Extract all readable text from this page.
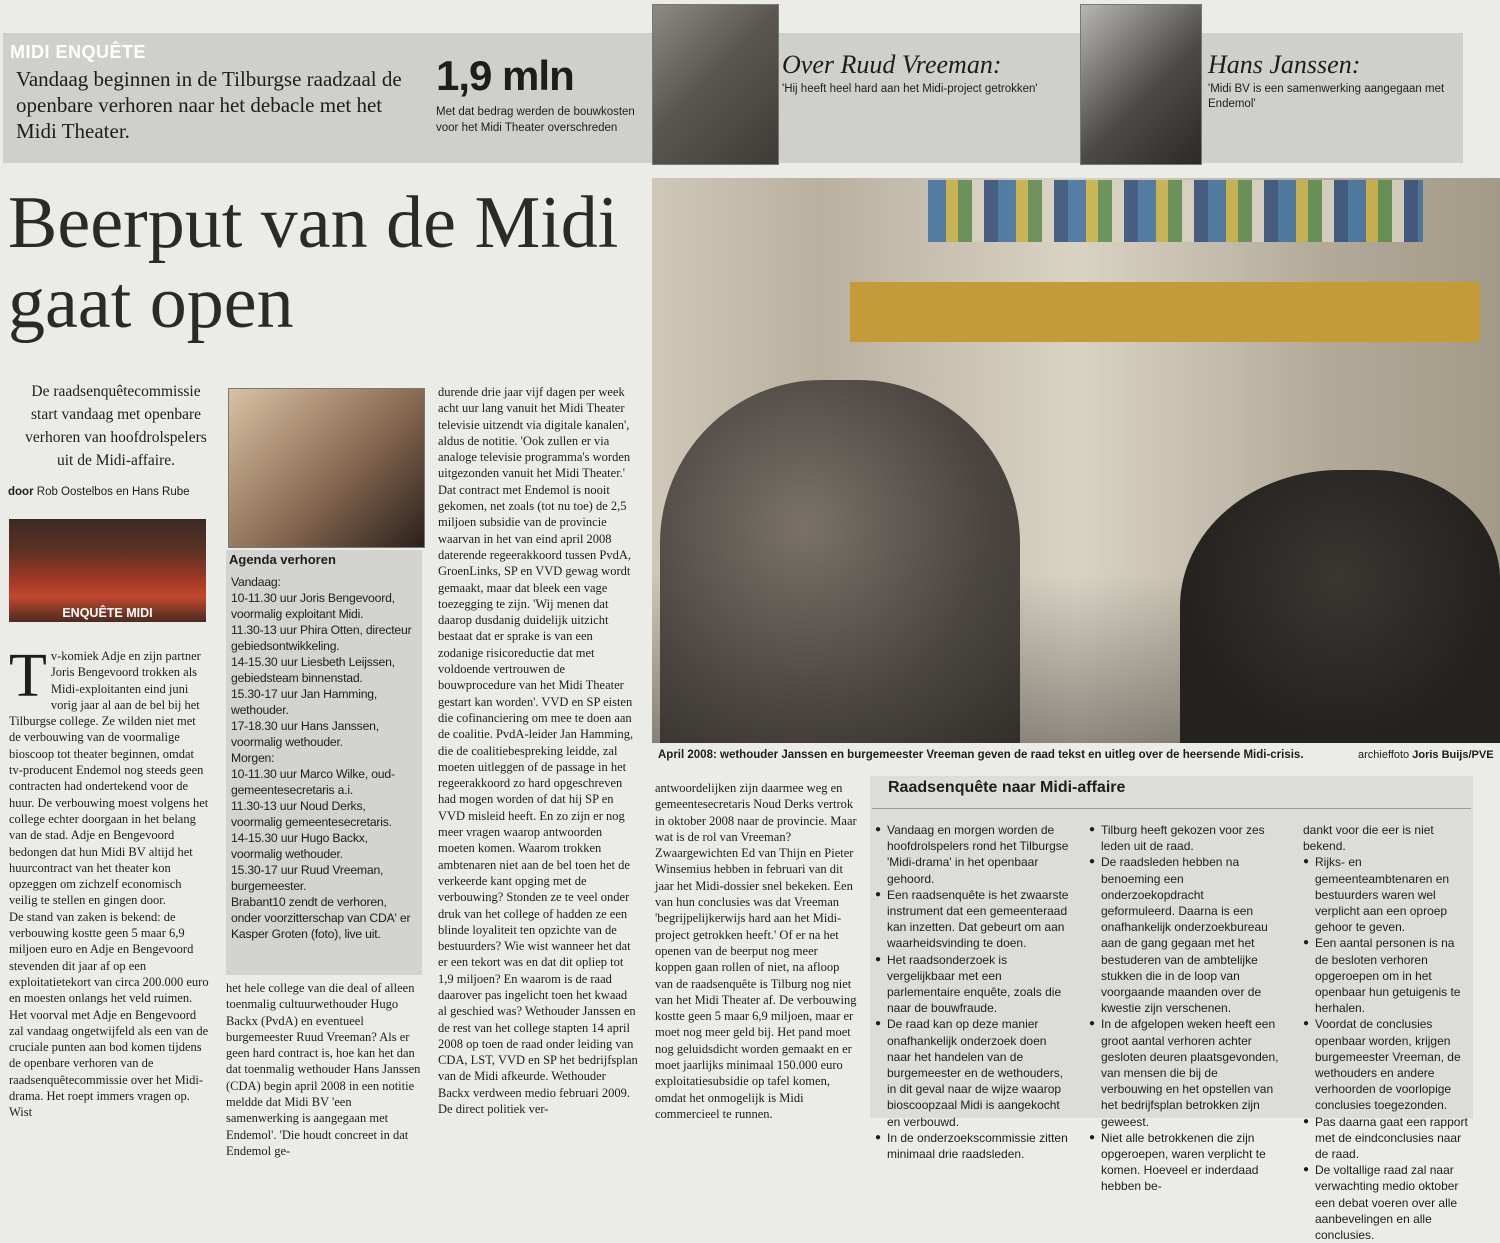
MIDI ENQUÊTE
Vandaag beginnen in de Tilburgse raadzaal de openbare verhoren naar het debacle met het Midi Theater.
1,9 mln
Met dat bedrag werden de bouwkosten voor het Midi Theater overschreden
Over Ruud Vreeman:
'Hij heeft heel hard aan het Midi-project getrokken'
Hans Janssen:
'Midi BV is een samenwerking aangegaan met Endemol'
Beerput van de Midi gaat open
De raadsenquêtecommissie start vandaag met openbare verhoren van hoofdrolspelers uit de Midi-affaire.
door Rob Oostelbos en Hans Rube
ENQUÊTE MIDI
Agenda verhoren
Vandaag:
10-11.30 uur Joris Bengevoord, voormalig exploitant Midi.
11.30-13 uur Phira Otten, directeur gebiedsontwikkeling.
14-15.30 uur Liesbeth Leijssen, gebiedsteam binnenstad.
15.30-17 uur Jan Hamming, wethouder.
17-18.30 uur Hans Janssen, voormalig wethouder.
Morgen:
10-11.30 uur Marco Wilke, oud-gemeentesecretaris a.i.
11.30-13 uur Noud Derks, voormalig gemeentesecretaris.
14-15.30 uur Hugo Backx, voormalig wethouder.
15.30-17 uur Ruud Vreeman, burgemeester.
Brabant10 zendt de verhoren, onder voorzitterschap van CDA' er Kasper Groten (foto), live uit.
T v-komiek Adje en zijn partner Joris Bengevoord trokken als Midi-exploitanten eind juni vorig jaar al aan de bel bij het Tilburgse college. Ze wilden niet met de verbouwing van de voormalige bioscoop tot theater beginnen, omdat tv-producent Endemol nog steeds geen contracten had ondertekend voor de huur. De verbouwing moest volgens het college echter doorgaan in het belang van de stad. Adje en Bengevoord bedongen dat hun Midi BV altijd het huurcontract van het theater kon opzeggen om zichzelf economisch veilig te stellen en gingen door.

De stand van zaken is bekend: de verbouwing kostte geen 5 maar 6,9 miljoen euro en Adje en Bengevoord stevenden dit jaar af op een exploitatietekort van circa 200.000 euro en moesten onlangs het veld ruimen.

Het voorval met Adje en Bengevoord zal vandaag ongetwijfeld als een van de cruciale punten aan bod komen tijdens de openbare verhoren van de raadsenquêtecommissie over het Midi-drama. Het roept immers vragen op. Wist

het hele college van die deal of alleen toenmalig cultuurwethouder Hugo Backx (PvdA) en eventueel burgemeester Ruud Vreeman? Als er geen hard contract is, hoe kan het dan dat toenmalig wethouder Hans Janssen (CDA) begin april 2008 in een notitie meldde dat Midi BV 'een samenwerking is aangegaan met Endemol'. 'Die houdt concreet in dat Endemol ge-

durende drie jaar vijf dagen per week acht uur lang vanuit het Midi Theater televisie uitzendt via digitale kanalen', aldus de notitie. 'Ook zullen er via analoge televisie programma's worden uitgezonden vanuit het Midi Theater.' Dat contract met Endemol is nooit gekomen, net zoals (tot nu toe) de 2,5 miljoen subsidie van de provincie waarvan in het van eind april 2008 daterende regeerakkoord tussen PvdA, GroenLinks, SP en VVD gewag wordt gemaakt, maar dat bleek een vage toezegging te zijn. 'Wij menen dat daarop dusdanig duidelijk uitzicht bestaat dat er sprake is van een zodanige risicoreductie dat met voldoende vertrouwen de bouwprocedure van het Midi Theater gestart kan worden'. VVD en SP eisten die cofinanciering om mee te doen aan de coalitie. PvdA-leider Jan Hamming, die de coalitiebespreking leidde, zal moeten uitleggen of de passage in het regeerakkoord zo hard opgeschreven had mogen worden of dat hij SP en VVD misleid heeft. En zo zijn er nog meer vragen waarop antwoorden moeten komen. Waarom trokken ambtenaren niet aan de bel toen het de verkeerde kant opging met de verbouwing? Stonden ze te veel onder druk van het college of hadden ze een blinde loyaliteit ten opzichte van de bestuurders? Wie wist wanneer het dat er een tekort was en dat dit opliep tot 1,9 miljoen? En waarom is de raad daarover pas ingelicht toen het kwaad al geschied was? Wethouder Janssen en de rest van het college stapten 14 april 2008 op toen de raad onder leiding van CDA, LST, VVD en SP het bedrijfsplan van de Midi afkeurde. Wethouder Backx verdween medio februari 2009. De direct politiek ver-

antwoordelijken zijn daarmee weg en gemeentesecretaris Noud Derks vertrok in oktober 2008 naar de provincie. Maar wat is de rol van Vreeman? Zwaargewichten Ed van Thijn en Pieter Winsemius hebben in februari van dit jaar het Midi-dossier snel bekeken. Een van hun conclusies was dat Vreeman 'begrijpelijkerwijs hard aan het Midi-project getrokken heeft.' Of er na het openen van de beerput nog meer koppen gaan rollen of niet, na afloop van de raadsenquête is Tilburg nog niet van het Midi Theater af. De verbouwing kostte geen 5 maar 6,9 miljoen, maar er moet nog meer geld bij. Het pand moet nog geluidsdicht worden gemaakt en er moet jaarlijks minimaal 150.000 euro exploitatiesubsidie op tafel komen, omdat het onmogelijk is Midi commercieel te runnen.

April 2008: wethouder Janssen en burgemeester Vreeman geven de raad tekst en uitleg over de heersende Midi-crisis.	archieffoto Joris Buijs/PVE
Raadsenquête naar Midi-affaire
● Vandaag en morgen worden de hoofdrolspelers rond het Tilburgse 'Midi-drama' in het openbaar gehoord.
● Een raadsenquête is het zwaarste instrument dat een gemeenteraad kan inzetten. Dat gebeurt om aan waarheidsvinding te doen.
● Het raadsonderzoek is vergelijkbaar met een parlementaire enquête, zoals die naar de bouwfraude.
● De raad kan op deze manier onafhankelijk onderzoek doen naar het handelen van de burgemeester en de wethouders, in dit geval naar de wijze waarop bioscoopzaal Midi is aangekocht en verbouwd.
● In de onderzoekscommissie zitten minimaal drie raadsleden.
● Tilburg heeft gekozen voor zes leden uit de raad.
● De raadsleden hebben na benoeming een onderzoekopdracht geformuleerd. Daarna is een onafhankelijk onderzoekbureau aan de gang gegaan met het bestuderen van de ambtelijke stukken die in de loop van voorgaande maanden over de kwestie zijn verschenen.
● In de afgelopen weken heeft een groot aantal verhoren achter gesloten deuren plaatsgevonden, van mensen die bij de verbouwing en het opstellen van het bedrijfsplan betrokken zijn geweest.
● Niet alle betrokkenen die zijn opgeroepen, waren verplicht te komen. Hoeveel er inderdaad hebben be-
dankt voor die eer is niet bekend.
● Rijks- en gemeenteambtenaren en bestuurders waren wel verplicht aan een oproep gehoor te geven.
● Een aantal personen is na de besloten verhoren opgeroepen om in het openbaar hun getuigenis te herhalen.
● Voordat de conclusies openbaar worden, krijgen burgemeester Vreeman, de wethouders en andere verhoorden de voorlopige conclusies toegezonden.
● Pas daarna gaat een rapport met de eindconclusies naar de raad.
● De voltallige raad zal naar verwachting medio oktober een debat voeren over alle aanbevelingen en alle conclusies.
